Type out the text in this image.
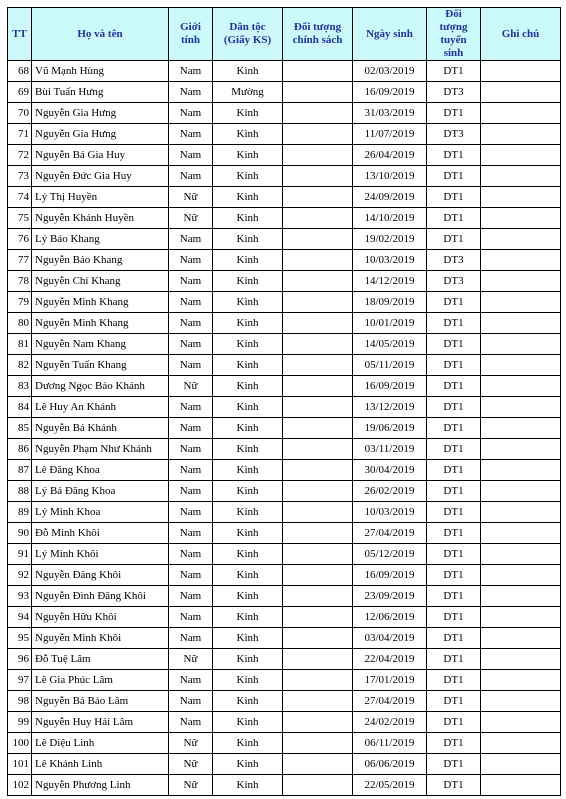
TT	Họ và tên	Giới tính	Dân tộc (Giấy KS)	Đối tượng chính sách	Ngày sinh	Đối tượng tuyển sinh	Ghi chú
68	Vũ Mạnh Hùng	Nam	Kinh		02/03/2019	DT1	
69	Bùi Tuấn Hưng	Nam	Mường		16/09/2019	DT3	
70	Nguyễn Gia Hưng	Nam	Kinh		31/03/2019	DT1	
71	Nguyễn Gia Hưng	Nam	Kinh		11/07/2019	DT3	
72	Nguyễn Bá Gia Huy	Nam	Kinh		26/04/2019	DT1	
73	Nguyễn Đức Gia Huy	Nam	Kinh		13/10/2019	DT1	
74	Lý Thị Huyền	Nữ	Kinh		24/09/2019	DT1	
75	Nguyễn Khánh Huyền	Nữ	Kinh		14/10/2019	DT1	
76	Lý Bảo Khang	Nam	Kinh		19/02/2019	DT1	
77	Nguyễn Bảo Khang	Nam	Kinh		10/03/2019	DT3	
78	Nguyễn Chí Khang	Nam	Kinh		14/12/2019	DT3	
79	Nguyễn Minh Khang	Nam	Kinh		18/09/2019	DT1	
80	Nguyễn Minh Khang	Nam	Kinh		10/01/2019	DT1	
81	Nguyễn Nam Khang	Nam	Kinh		14/05/2019	DT1	
82	Nguyễn Tuấn Khang	Nam	Kinh		05/11/2019	DT1	
83	Dương Ngọc Bảo Khánh	Nữ	Kinh		16/09/2019	DT1	
84	Lê Huy An Khánh	Nam	Kinh		13/12/2019	DT1	
85	Nguyễn Bá Khánh	Nam	Kinh		19/06/2019	DT1	
86	Nguyễn Phạm Như Khánh	Nam	Kinh		03/11/2019	DT1	
87	Lê Đăng Khoa	Nam	Kinh		30/04/2019	DT1	
88	Lý Bá Đăng Khoa	Nam	Kinh		26/02/2019	DT1	
89	Lý Minh Khoa	Nam	Kinh		10/03/2019	DT1	
90	Đỗ Minh Khôi	Nam	Kinh		27/04/2019	DT1	
91	Lý Minh Khôi	Nam	Kinh		05/12/2019	DT1	
92	Nguyễn Đăng Khôi	Nam	Kinh		16/09/2019	DT1	
93	Nguyễn Đình Đăng Khôi	Nam	Kinh		23/09/2019	DT1	
94	Nguyễn Hữu Khôi	Nam	Kinh		12/06/2019	DT1	
95	Nguyễn Minh Khôi	Nam	Kinh		03/04/2019	DT1	
96	Đỗ Tuệ Lâm	Nữ	Kinh		22/04/2019	DT1	
97	Lê Gia Phúc Lâm	Nam	Kinh		17/01/2019	DT1	
98	Nguyễn Bá Bảo Lâm	Nam	Kinh		27/04/2019	DT1	
99	Nguyễn Huy Hải Lâm	Nam	Kinh		24/02/2019	DT1	
100	Lê Diệu Linh	Nữ	Kinh		06/11/2019	DT1	
101	Lê Khánh Linh	Nữ	Kinh		06/06/2019	DT1	
102	Nguyễn Phương Linh	Nữ	Kinh		22/05/2019	DT1	
